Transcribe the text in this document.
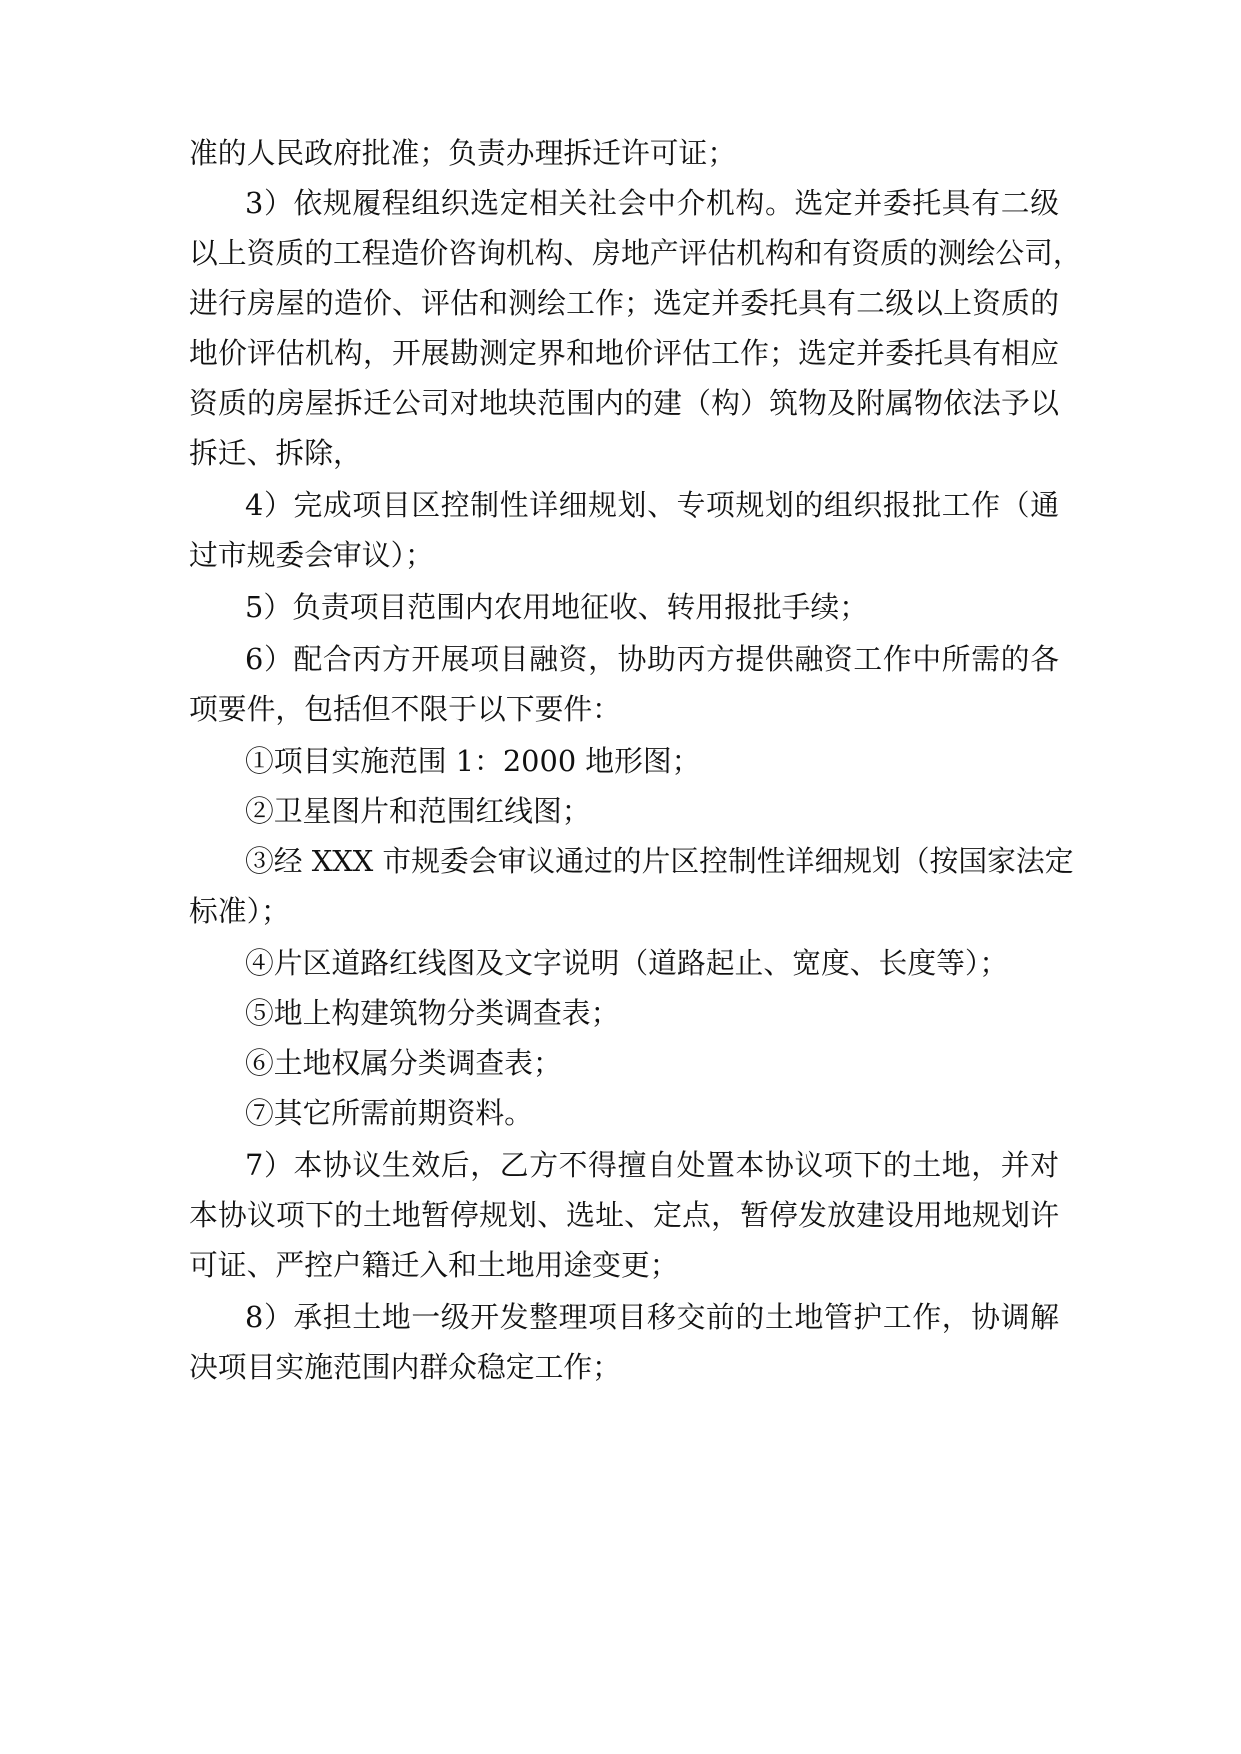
准的人民政府批准；负责办理拆迁许可证；
3）依规履程组织选定相关社会中介机构。选定并委托具有二级
以上资质的工程造价咨询机构、房地产评估机构和有资质的测绘公司，
进行房屋的造价、评估和测绘工作；选定并委托具有二级以上资质的
地价评估机构，开展勘测定界和地价评估工作；选定并委托具有相应
资质的房屋拆迁公司对地块范围内的建（构）筑物及附属物依法予以
拆迁、拆除，
4）完成项目区控制性详细规划、专项规划的组织报批工作（通
过市规委会审议）；
5）负责项目范围内农用地征收、转用报批手续；
6）配合丙方开展项目融资，协助丙方提供融资工作中所需的各
项要件，包括但不限于以下要件：
①项目实施范围 1：2000 地形图；
②卫星图片和范围红线图；
③经 XXX 市规委会审议通过的片区控制性详细规划（按国家法定
标准）；
④片区道路红线图及文字说明（道路起止、宽度、长度等）；
⑤地上构建筑物分类调查表；
⑥土地权属分类调查表；
⑦其它所需前期资料。
7）本协议生效后，乙方不得擅自处置本协议项下的土地，并对
本协议项下的土地暂停规划、选址、定点，暂停发放建设用地规划许
可证、严控户籍迁入和土地用途变更；
8）承担土地一级开发整理项目移交前的土地管护工作，协调解
决项目实施范围内群众稳定工作；
